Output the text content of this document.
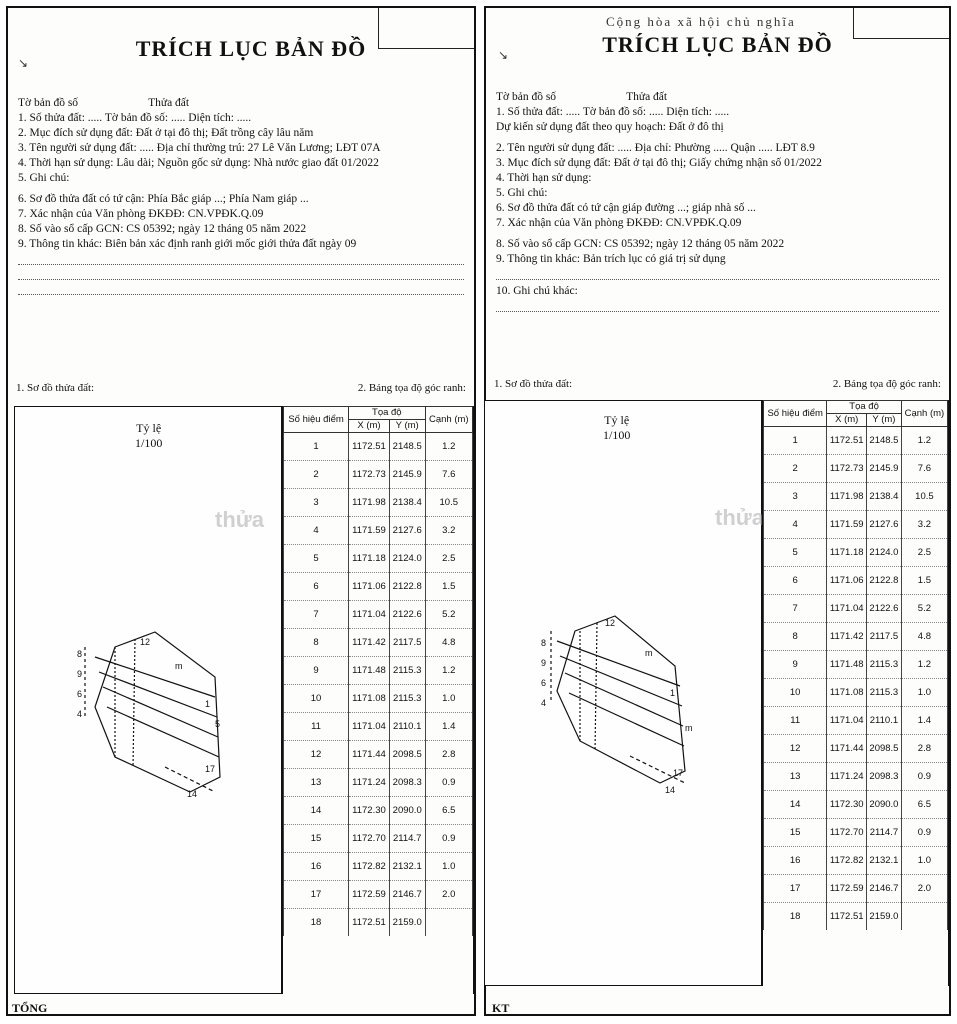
↘
TRÍCH LỤC BẢN ĐỒ
Tờ bản đồ số	Thửa đất
1. Số thửa đất: ..... Tờ bản đồ số: ..... Diện tích: .....
2. Mục đích sử dụng đất: Đất ở tại đô thị; Đất trồng cây lâu năm
3. Tên người sử dụng đất: ..... Địa chỉ thường trú: 27 Lê Văn Lương; LĐT 07A
4. Thời hạn sử dụng: Lâu dài; Nguồn gốc sử dụng: Nhà nước giao đất 01/2022
5. Ghi chú:
6. Sơ đồ thửa đất có tứ cận: Phía Bắc giáp ...; Phía Nam giáp ...
7. Xác nhận của Văn phòng ĐKĐĐ: CN.VPĐK.Q.09
8. Số vào sổ cấp GCN: CS 05392; ngày 12 tháng 05 năm 2022
9. Thông tin khác: Biên bản xác định ranh giới mốc giới thửa đất ngày 09
1. Sơ đồ thửa đất:	2. Bảng tọa độ góc ranh:
Tỷ lệ
1/100
8
9
6
4
12
m
1
5
17
14
thửa
Số hiệu điểm	Tọa độ		Cạnh (m)
	X (m)	Y (m)	
1	1172.51	2148.5	1.2
2	1172.73	2145.9	7.6
3	1171.98	2138.4	10.5
4	1171.59	2127.6	3.2
5	1171.18	2124.0	2.5
6	1171.06	2122.8	1.5
7	1171.04	2122.6	5.2
8	1171.42	2117.5	4.8
9	1171.48	2115.3	1.2
10	1171.08	2115.3	1.0
11	1171.04	2110.1	1.4
12	1171.44	2098.5	2.8
13	1171.24	2098.3	0.9
14	1172.30	2090.0	6.5
15	1172.70	2114.7	0.9
16	1172.82	2132.1	1.0
17	1172.59	2146.7	2.0
18	1172.51	2159.0	
TỔNG
Cộng hòa xã hội chủ nghĩa
↘	TRÍCH LỤC BẢN ĐỒ
Tờ bản đồ số	Thửa đất
1. Số thửa đất: ..... Tờ bản đồ số: ..... Diện tích: .....
Dự kiến sử dụng đất theo quy hoạch: Đất ở đô thị
2. Tên người sử dụng đất: ..... Địa chỉ: Phường ..... Quận ..... LĐT 8.9
3. Mục đích sử dụng đất: Đất ở tại đô thị; Giấy chứng nhận số 01/2022
4. Thời hạn sử dụng:
5. Ghi chú:
6. Sơ đồ thửa đất có tứ cận giáp đường ...; giáp nhà số ...
7. Xác nhận của Văn phòng ĐKĐĐ: CN.VPĐK.Q.09
8. Số vào sổ cấp GCN: CS 05392; ngày 12 tháng 05 năm 2022
9. Thông tin khác: Bản trích lục có giá trị sử dụng
10. Ghi chú khác:
1. Sơ đồ thửa đất:	2. Bảng tọa độ góc ranh:
Tỷ lệ
1/100
8
9
6
4
12
m
1
m
17
14
thửa
Số hiệu điểm	Tọa độ		Cạnh (m)
	X (m)	Y (m)	
1	1172.51	2148.5	1.2
2	1172.73	2145.9	7.6
3	1171.98	2138.4	10.5
4	1171.59	2127.6	3.2
5	1171.18	2124.0	2.5
6	1171.06	2122.8	1.5
7	1171.04	2122.6	5.2
8	1171.42	2117.5	4.8
9	1171.48	2115.3	1.2
10	1171.08	2115.3	1.0
11	1171.04	2110.1	1.4
12	1171.44	2098.5	2.8
13	1171.24	2098.3	0.9
14	1172.30	2090.0	6.5
15	1172.70	2114.7	0.9
16	1172.82	2132.1	1.0
17	1172.59	2146.7	2.0
18	1172.51	2159.0	
KT
